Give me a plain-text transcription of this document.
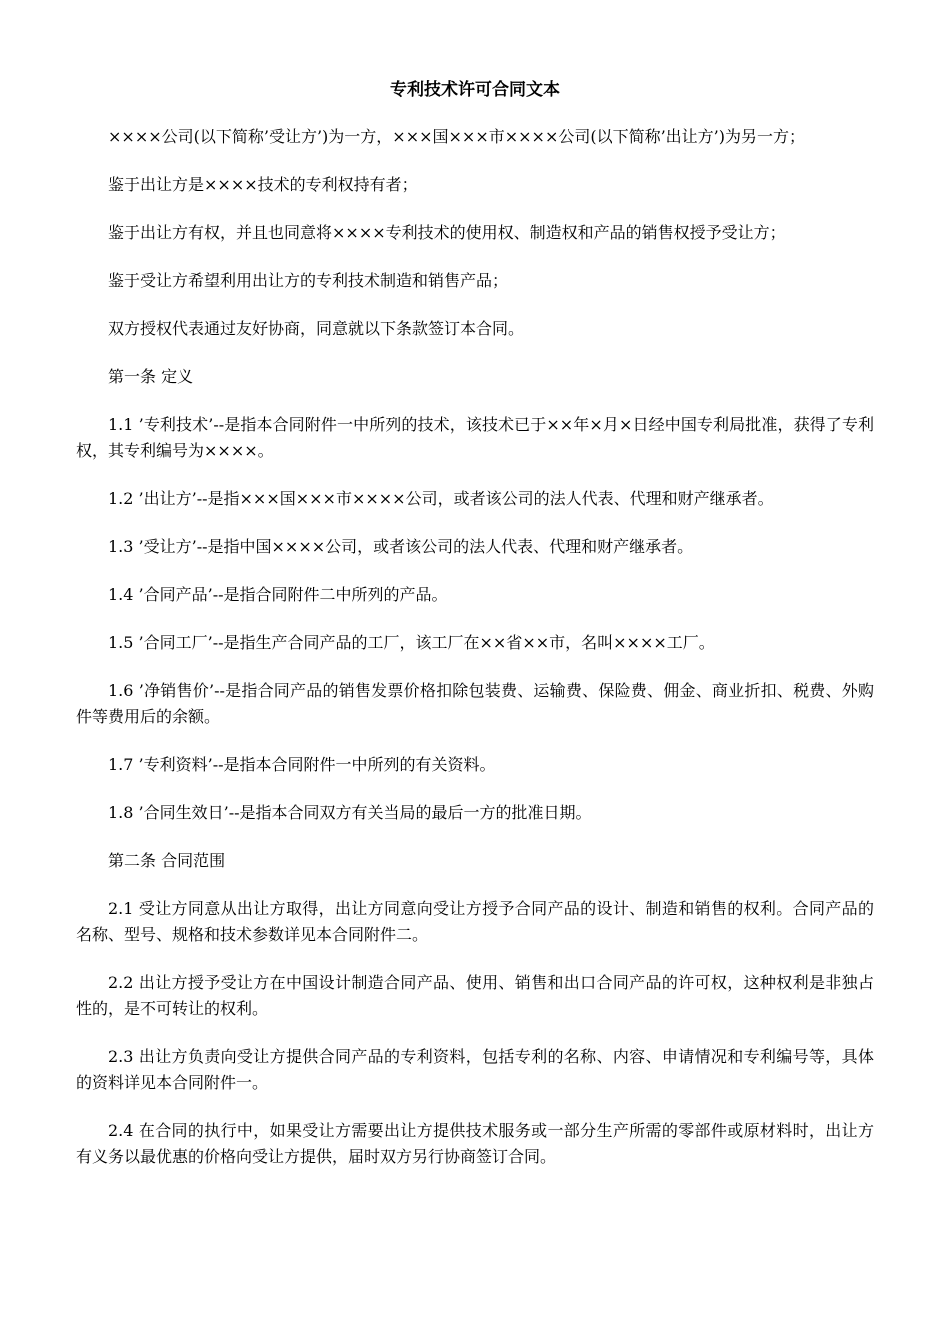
专利技术许可合同文本

××××公司(以下简称’受让方’)为一方，×××国×××市××××公司(以下简称’出让方’)为另一方；

鉴于出让方是××××技术的专利权持有者；

鉴于出让方有权，并且也同意将××××专利技术的使用权、制造权和产品的销售权授予受让方；

鉴于受让方希望利用出让方的专利技术制造和销售产品；

双方授权代表通过友好协商，同意就以下条款签订本合同。

第一条 定义

1.1 ’专利技术’--是指本合同附件一中所列的技术，该技术已于××年×月×日经中国专利局批准，获得了专利权，其专利编号为××××。

1.2 ’出让方’--是指×××国×××市××××公司，或者该公司的法人代表、代理和财产继承者。

1.3 ’受让方’--是指中国××××公司，或者该公司的法人代表、代理和财产继承者。

1.4 ’合同产品’--是指合同附件二中所列的产品。

1.5 ’合同工厂’--是指生产合同产品的工厂，该工厂在××省××市，名叫××××工厂。

1.6 ’净销售价’--是指合同产品的销售发票价格扣除包装费、运输费、保险费、佣金、商业折扣、税费、外购件等费用后的余额。

1.7 ’专利资料’--是指本合同附件一中所列的有关资料。

1.8 ’合同生效日’--是指本合同双方有关当局的最后一方的批准日期。

第二条 合同范围

2.1 受让方同意从出让方取得，出让方同意向受让方授予合同产品的设计、制造和销售的权利。合同产品的名称、型号、规格和技术参数详见本合同附件二。

2.2 出让方授予受让方在中国设计制造合同产品、使用、销售和出口合同产品的许可权，这种权利是非独占性的，是不可转让的权利。

2.3 出让方负责向受让方提供合同产品的专利资料，包括专利的名称、内容、申请情况和专利编号等，具体的资料详见本合同附件一。

2.4 在合同的执行中，如果受让方需要出让方提供技术服务或一部分生产所需的零部件或原材料时，出让方有义务以最优惠的价格向受让方提供，届时双方另行协商签订合同。
